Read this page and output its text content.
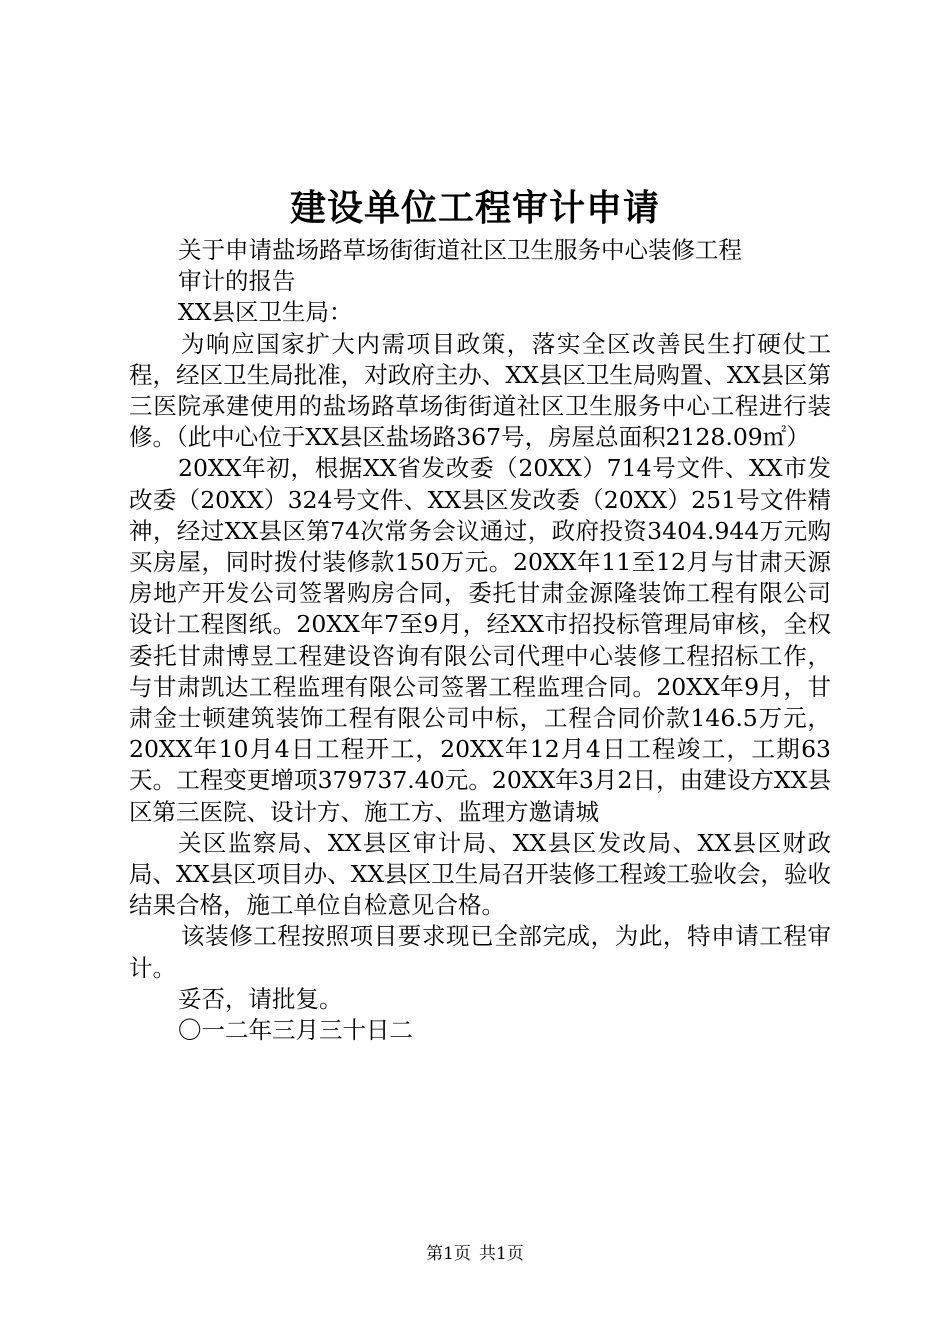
建设单位工程审计申请

关于申请盐场路草场街街道社区卫生服务中心装修工程

审计的报告

XX县区卫生局：

为响应国家扩大内需项目政策，落实全区改善民生打硬仗工程，经区卫生局批准，对政府主办、XX县区卫生局购置、XX县区第三医院承建使用的盐场路草场街街道社区卫生服务中心工程进行装修。（此中心位于XX县区盐场路367号，房屋总面积2128.09㎡）

20XX年初，根据XX省发改委（20XX）714号文件、XX市发改委（20XX）324号文件、XX县区发改委（20XX）251号文件精神，经过XX县区第74次常务会议通过，政府投资3404.944万元购买房屋，同时拨付装修款150万元。20XX年11至12月与甘肃天源房地产开发公司签署购房合同，委托甘肃金源隆装饰工程有限公司设计工程图纸。20XX年7至9月，经XX市招投标管理局审核，全权委托甘肃博昱工程建设咨询有限公司代理中心装修工程招标工作，与甘肃凯达工程监理有限公司签署工程监理合同。20XX年9月，甘肃金士顿建筑装饰工程有限公司中标，工程合同价款146.5万元，20XX年10月4日工程开工，20XX年12月4日工程竣工，工期63天。工程变更增项379737.40元。20XX年3月2日，由建设方XX县区第三医院、设计方、施工方、监理方邀请城

关区监察局、XX县区审计局、XX县区发改局、XX县区财政局、XX县区项目办、XX县区卫生局召开装修工程竣工验收会，验收结果合格，施工单位自检意见合格。

该装修工程按照项目要求现已全部完成，为此，特申请工程审计。

妥否，请批复。

〇一二年三月三十日二

第1页 共1页
